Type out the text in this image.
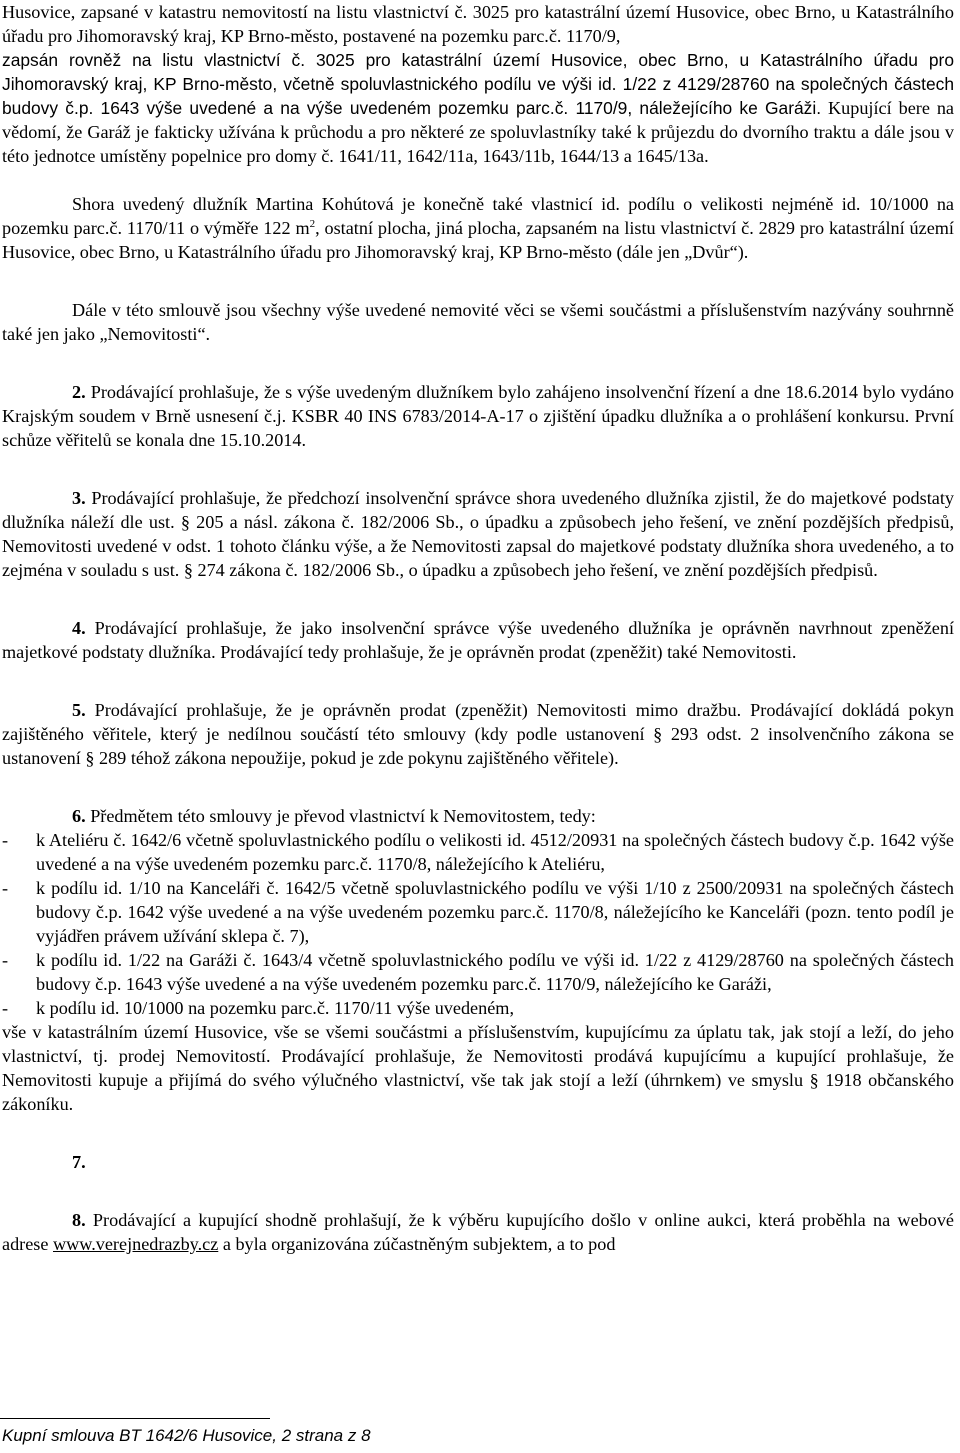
Husovice, zapsané v katastru nemovitostí na listu vlastnictví č. 3025 pro katastrální území Husovice, obec Brno, u Katastrálního úřadu pro Jihomoravský kraj, KP Brno-město, postavené na pozemku parc.č. 1170/9,
zapsán rovněž na listu vlastnictví č. 3025 pro katastrální území Husovice, obec Brno, u Katastrálního úřadu pro Jihomoravský kraj, KP Brno-město, včetně spoluvlastnického podílu ve výši id. 1/22 z 4129/28760 na společných částech budovy č.p. 1643 výše uvedené a na výše uvedeném pozemku parc.č. 1170/9, náležejícího ke Garáži. Kupující bere na vědomí, že Garáž je fakticky užívána k průchodu a pro některé ze spoluvlastníky také k průjezdu do dvorního traktu a dále jsou v této jednotce umístěny popelnice pro domy č. 1641/11, 1642/11a, 1643/11b, 1644/13 a 1645/13a.

Shora uvedený dlužník Martina Kohútová je konečně také vlastnicí id. podílu o velikosti nejméně id. 10/1000 na pozemku parc.č. 1170/11 o výměře 122 $m^2$, ostatní plocha, jiná plocha, zapsaném na listu vlastnictví č. 2829 pro katastrální území Husovice, obec Brno, u Katastrálního úřadu pro Jihomoravský kraj, KP Brno-město (dále jen „Dvůr“).

Dále v této smlouvě jsou všechny výše uvedené nemovité věci se všemi součástmi a příslušenstvím nazývány souhrnně také jen jako „Nemovitosti“.

2. Prodávající prohlašuje, že s výše uvedeným dlužníkem bylo zahájeno insolvenční řízení a dne 18.6.2014 bylo vydáno Krajským soudem v Brně usnesení č.j. KSBR 40 INS 6783/2014-A-17 o zjištění úpadku dlužníka a o prohlášení konkursu. První schůze věřitelů se konala dne 15.10.2014.

3. Prodávající prohlašuje, že předchozí insolvenční správce shora uvedeného dlužníka zjistil, že do majetkové podstaty dlužníka náleží dle ust. § 205 a násl. zákona č. 182/2006 Sb., o úpadku a způsobech jeho řešení, ve znění pozdějších předpisů, Nemovitosti uvedené v odst. 1 tohoto článku výše, a že Nemovitosti zapsal do majetkové podstaty dlužníka shora uvedeného, a to zejména v souladu s ust. § 274 zákona č. 182/2006 Sb., o úpadku a způsobech jeho řešení, ve znění pozdějších předpisů.

4. Prodávající prohlašuje, že jako insolvenční správce výše uvedeného dlužníka je oprávněn navrhnout zpeněžení majetkové podstaty dlužníka. Prodávající tedy prohlašuje, že je oprávněn prodat (zpeněžit) také Nemovitosti.

5. Prodávající prohlašuje, že je oprávněn prodat (zpeněžit) Nemovitosti mimo dražbu. Prodávající dokládá pokyn zajištěného věřitele, který je nedílnou součástí této smlouvy (kdy podle ustanovení § 293 odst. 2 insolvenčního zákona se ustanovení § 289 téhož zákona nepoužije, pokud je zde pokynu zajištěného věřitele).

6. Předmětem této smlouvy je převod vlastnictví k Nemovitostem, tedy:

-	k Ateliéru č. 1642/6 včetně spoluvlastnického podílu o velikosti id. 4512/20931 na společných částech budovy č.p. 1642 výše uvedené a na výše uvedeném pozemku parc.č. 1170/8, náležejícího k Ateliéru,
-	k podílu id. 1/10 na Kanceláři č. 1642/5 včetně spoluvlastnického podílu ve výši 1/10 z 2500/20931 na společných částech budovy č.p. 1642 výše uvedené a na výše uvedeném pozemku parc.č. 1170/8, náležejícího ke Kanceláři (pozn. tento podíl je vyjádřen právem užívání sklepa č. 7),
-	k podílu id. 1/22 na Garáži č. 1643/4 včetně spoluvlastnického podílu ve výši id. 1/22 z 4129/28760 na společných částech budovy č.p. 1643 výše uvedené a na výše uvedeném pozemku parc.č. 1170/9, náležejícího ke Garáži,
-	k podílu id. 10/1000 na pozemku parc.č. 1170/11 výše uvedeném,

vše v katastrálním území Husovice, vše se všemi součástmi a příslušenstvím, kupujícímu za úplatu tak, jak stojí a leží, do jeho vlastnictví, tj. prodej Nemovitostí. Prodávající prohlašuje, že Nemovitosti prodává kupujícímu a kupující prohlašuje, že Nemovitosti kupuje a přijímá do svého výlučného vlastnictví, vše tak jak stojí a leží (úhrnkem) ve smyslu § 1918 občanského zákoníku.

7.

8. Prodávající a kupující shodně prohlašují, že k výběru kupujícího došlo v online aukci, která proběhla na webové adrese www.verejnedrazby.cz a byla organizována zúčastněným subjektem, a to pod

Kupní smlouva BT 1642/6 Husovice, 2 strana z 8
